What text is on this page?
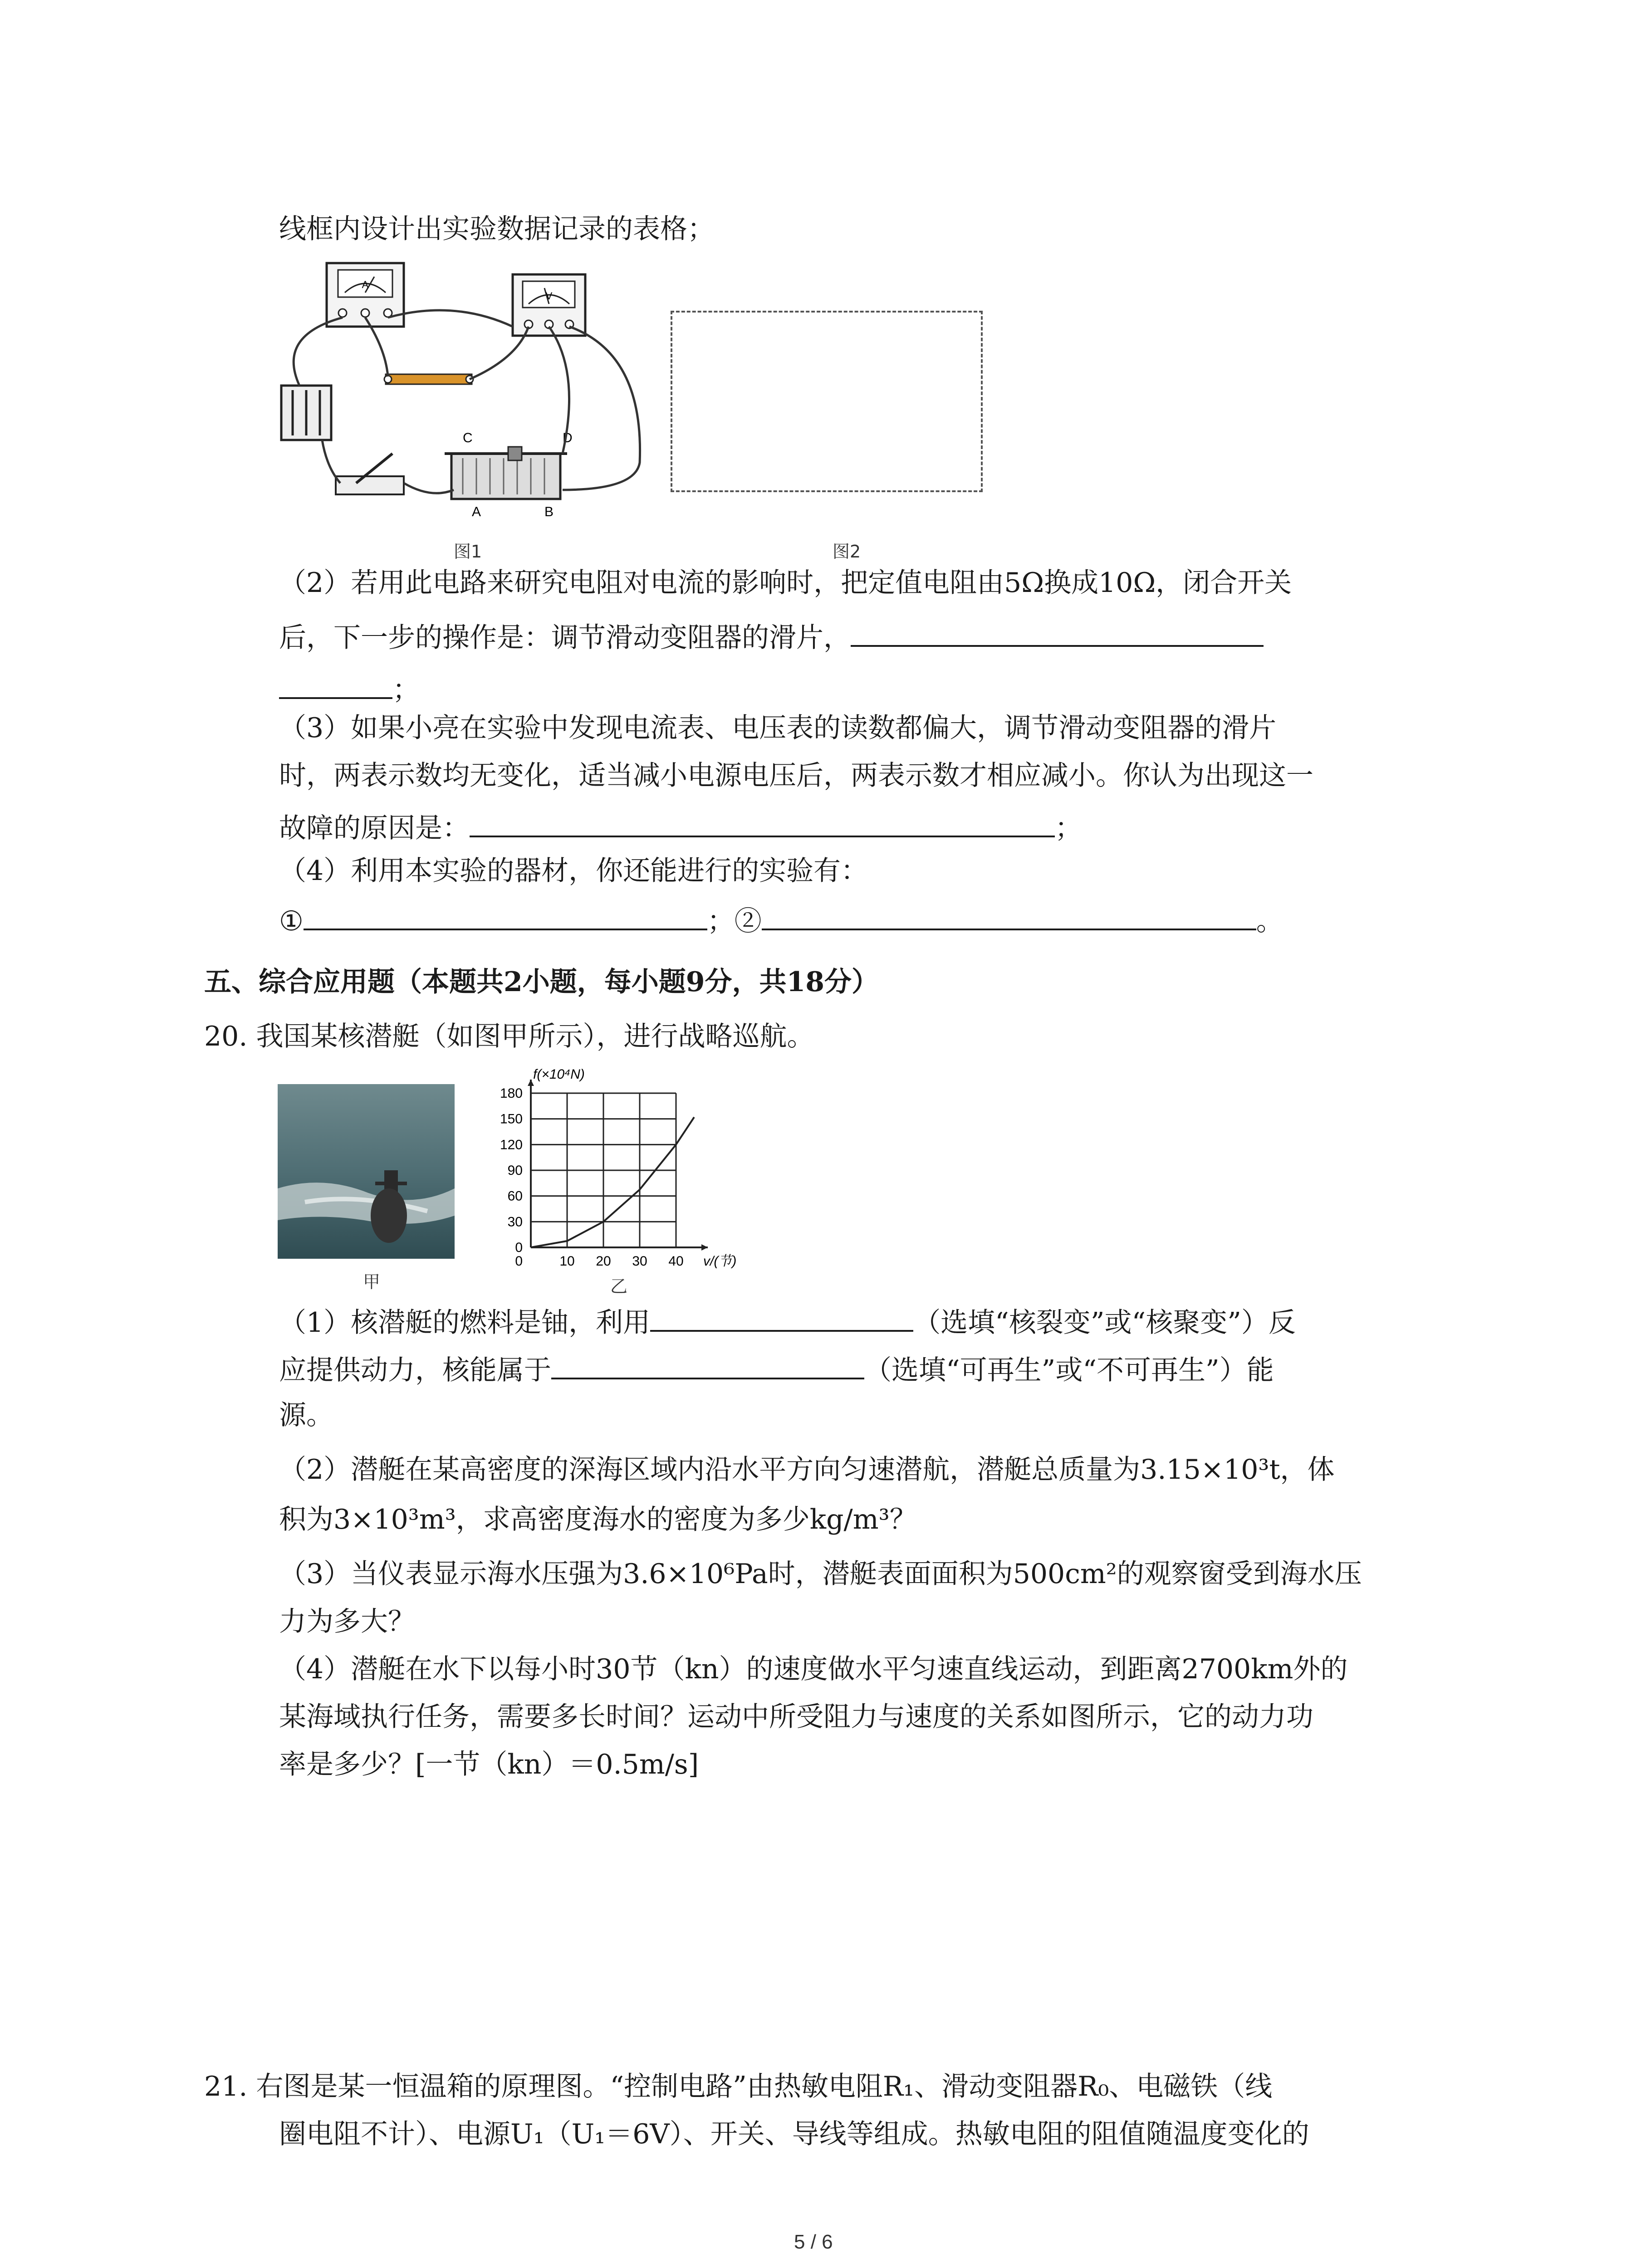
线框内设计出实验数据记录的表格；
A
V
C	D
A	B
图1	图2
（2）若用此电路来研究电阻对电流的影响时，把定值电阻由5Ω换成10Ω，闭合开关
后，下一步的操作是：调节滑动变阻器的滑片，
；
（3）如果小亮在实验中发现电流表、电压表的读数都偏大，调节滑动变阻器的滑片
时，两表示数均无变化，适当减小电源电压后，两表示数才相应减小。你认为出现这一
故障的原因是：	；
（4）利用本实验的器材，你还能进行的实验有：
①	；②	。
五、综合应用题（本题共2小题，每小题9分，共18分）
20. 我国某核潜艇（如图甲所示），进行战略巡航。
甲
10 20 30 40
0
30
60
90
120
150
180
0
f(×10⁴N)
v/(节)
乙
（1）核潜艇的燃料是铀，利用	（选填“核裂变”或“核聚变”）反
应提供动力，核能属于	（选填“可再生”或“不可再生”）能
源。
（2）潜艇在某高密度的深海区域内沿水平方向匀速潜航，潜艇总质量为3.15×10³t，体
积为3×10³m³，求高密度海水的密度为多少kg/m³？
（3）当仪表显示海水压强为3.6×10⁶Pa时，潜艇表面面积为500cm²的观察窗受到海水压
力为多大？
（4）潜艇在水下以每小时30节（kn）的速度做水平匀速直线运动，到距离2700km外的
某海域执行任务，需要多长时间？运动中所受阻力与速度的关系如图所示，它的动力功
率是多少？[一节（kn）＝0.5m/s]
21. 右图是某一恒温箱的原理图。“控制电路”由热敏电阻R₁、滑动变阻器R₀、电磁铁（线
圈电阻不计）、电源U₁（U₁＝6V）、开关、导线等组成。热敏电阻的阻值随温度变化的
5 / 6
